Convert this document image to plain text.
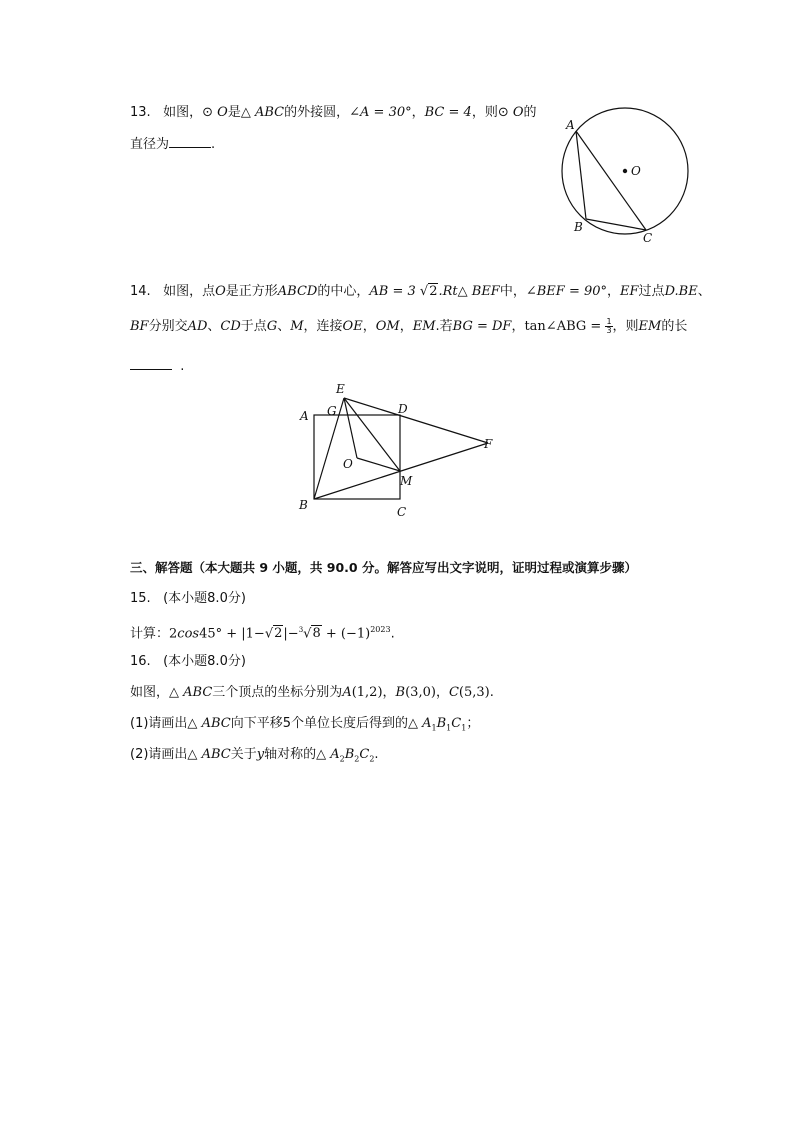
13. 如图，⊙ O是△ ABC的外接圆，∠A = 30°，BC = 4，则⊙ O的
直径为	.
A
B
C
O
14. 如图，点O是正方形ABCD的中心，AB = 3 √2.Rt△ BEF中，∠BEF = 90°，EF过点D.BE、
BF分别交AD、CD于点G、M，连接OE，OM，EM.若BG = DF，tan∠ABG = $\frac{1}{3}$ ，则EM的长
.
E
A G	D
F
O
M
B	C
三、解答题（本大题共 9 小题，共 90.0 分。解答应写出文字说明，证明过程或演算步骤）
15. (本小题8.0分)
计算：$2\cos 45^\circ + |1-√2|-^3√8 + (-1)^{2023}$.
16. (本小题8.0分)
如图，△ ABC三个顶点的坐标分别为A(1,2)，B(3,0)，C(5,3).
(1)请画出△ ABC向下平移5个单位长度后得到的△ $A_1B_1C_1$；
(2)请画出△ ABC关于y轴对称的△ $A_2B_2C_2$.
